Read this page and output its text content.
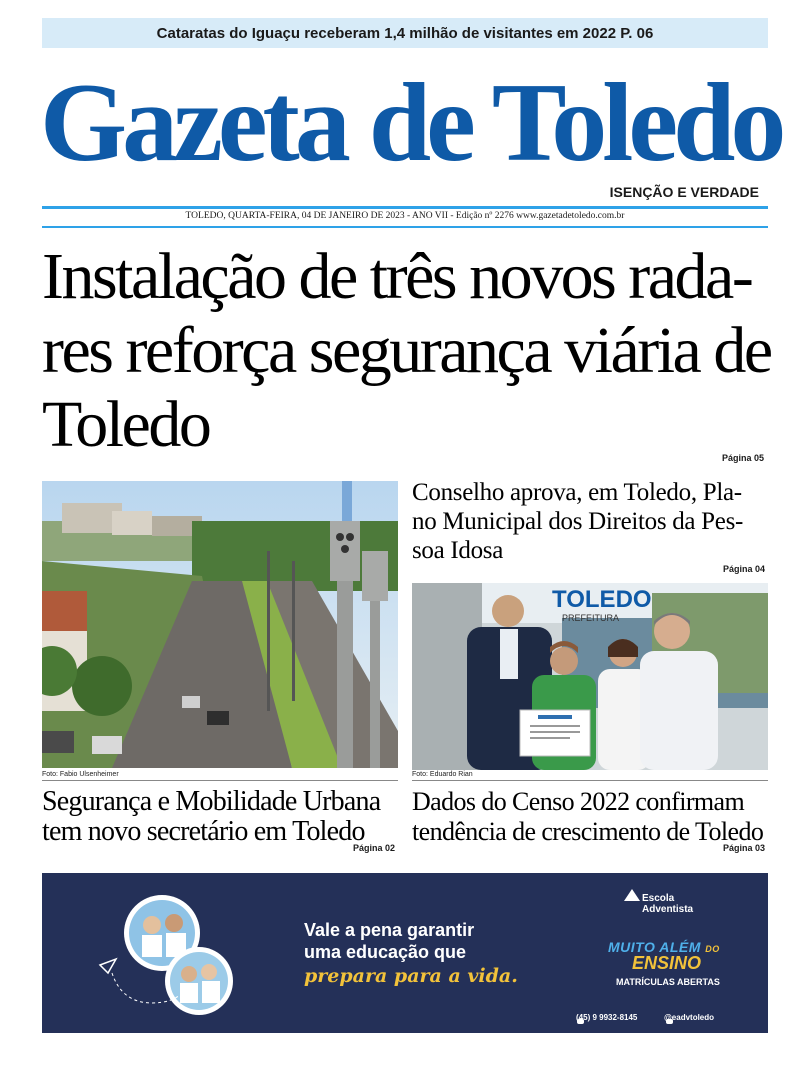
Cataratas do Iguaçu receberam 1,4 milhão de visitantes em 2022 P. 06
Gazeta de Toledo
ISENÇÃO E VERDADE
TOLEDO, QUARTA-FEIRA, 04 DE JANEIRO DE 2023 - ANO VII - Edição nº 2276 www.gazetadetoledo.com.br
Instalação de três novos rada-
res reforça segurança viária de
Toledo	Página 05
Foto: Fabio Ulsenheimer
Segurança e Mobilidade Urbana
tem novo secretário em Toledo
Página 02
Conselho aprova, em Toledo, Pla-
no Municipal dos Direitos da Pes-
soa Idosa
Página 04
TOLEDO
PREFEITURA
Foto: Eduardo Rian
Dados do Censo 2022 confirmam
tendência de crescimento de Toledo
Página 03
Vale a pena garantir
uma educação que
prepara para a vida.
Escola
Adventista
MUITO ALÉM DO
ENSINO
MATRÍCULAS ABERTAS
(45) 9 9932-8145	@eadvtoledo
